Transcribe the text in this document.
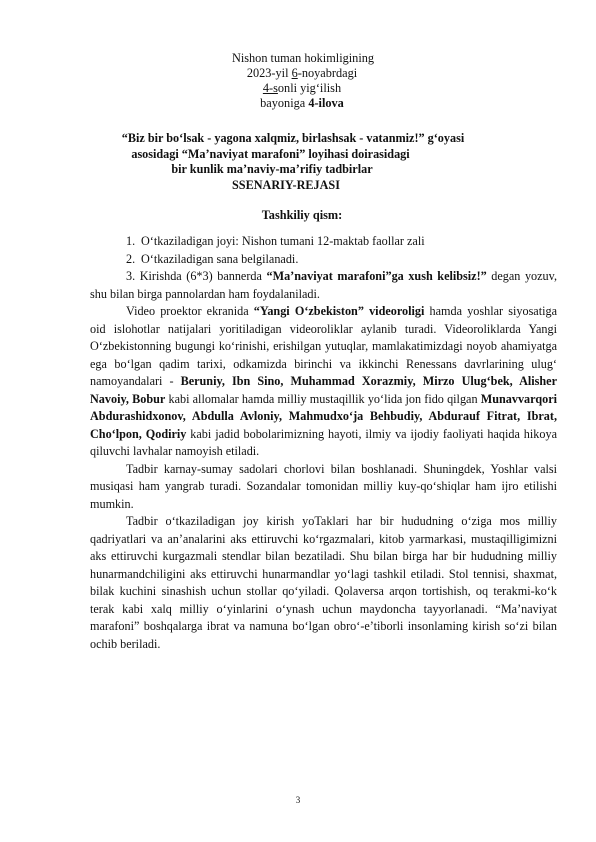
Nishon tuman hokimligining
2023-yil 6-noyabrdagi
4-sonli yig‘ilish
bayoniga 4-ilova
“Biz bir bo‘lsak - yagona xalqmiz, birlashsak - vatanmiz!” g‘oyasi
asosidagi “Ma’naviyat marafoni” loyihasi doirasidagi
bir kunlik ma’naviy-ma’rifiy tadbirlar
SSENARIY-REJASI
Tashkiliy qism:

1. O‘tkaziladigan joyi: Nishon tumani 12-maktab faollar zali

2. O‘tkaziladigan sana belgilanadi.

3. Kirishda (6*3) bannerda “Ma’naviyat marafoni”ga xush kelibsiz!” degan yozuv, shu bilan birga pannolardan ham foydalaniladi.

Video proektor ekranida “Yangi O‘zbekiston” videoroligi hamda yoshlar siyosatiga oid islohotlar natijalari yoritiladigan videoroliklar aylanib turadi. Videoroliklarda Yangi O‘zbekistonning bugungi ko‘rinishi, erishilgan yutuqlar, mamlakatimizdagi noyob ahamiyatga ega bo‘lgan qadim tarixi, odkamizda birinchi va ikkinchi Renessans davrlarining ulug‘ namoyandalari - Beruniy, Ibn Sino, Muhammad Xorazmiy, Mirzo Ulug‘bek, Alisher Navoiy, Bobur kabi allomalar hamda milliy mustaqillik yo‘lida jon fido qilgan Munavvarqori Abdurashidxonov, Abdulla Avloniy, Mahmudxo‘ja Behbudiy, Abdurauf Fitrat, Ibrat, Cho‘lpon, Qodiriy kabi jadid bobolarimizning hayoti, ilmiy va ijodiy faoliyati haqida hikoya qiluvchi lavhalar namoyish etiladi.

Tadbir karnay-sumay sadolari chorlovi bilan boshlanadi. Shuningdek, Yoshlar valsi musiqasi ham yangrab turadi. Sozandalar tomonidan milliy kuy-qo‘shiqlar ham ijro etilishi mumkin.

Tadbir o‘tkaziladigan joy kirish yoTaklari har bir hududning o‘ziga mos milliy qadriyatlari va an’analarini aks ettiruvchi ko‘rgazmalari, kitob yarmarkasi, mustaqilligimizni aks ettiruvchi kurgazmali stendlar bilan bezatiladi. Shu bilan birga har bir hududning milliy hunarmandchiligini aks ettiruvchi hunarmandlar yo‘lagi tashkil etiladi. Stol tennisi, shaxmat, bilak kuchini sinashish uchun stollar qo‘yiladi. Qolaversa arqon tortishish, oq terakmi-ko‘k terak kabi xalq milliy o‘yinlarini o‘ynash uchun maydoncha tayyorlanadi. “Ma’naviyat marafoni” boshqalarga ibrat va namuna bo‘lgan obro‘-e’tiborli insonlaming kirish so‘zi bilan ochib beriladi.

3
